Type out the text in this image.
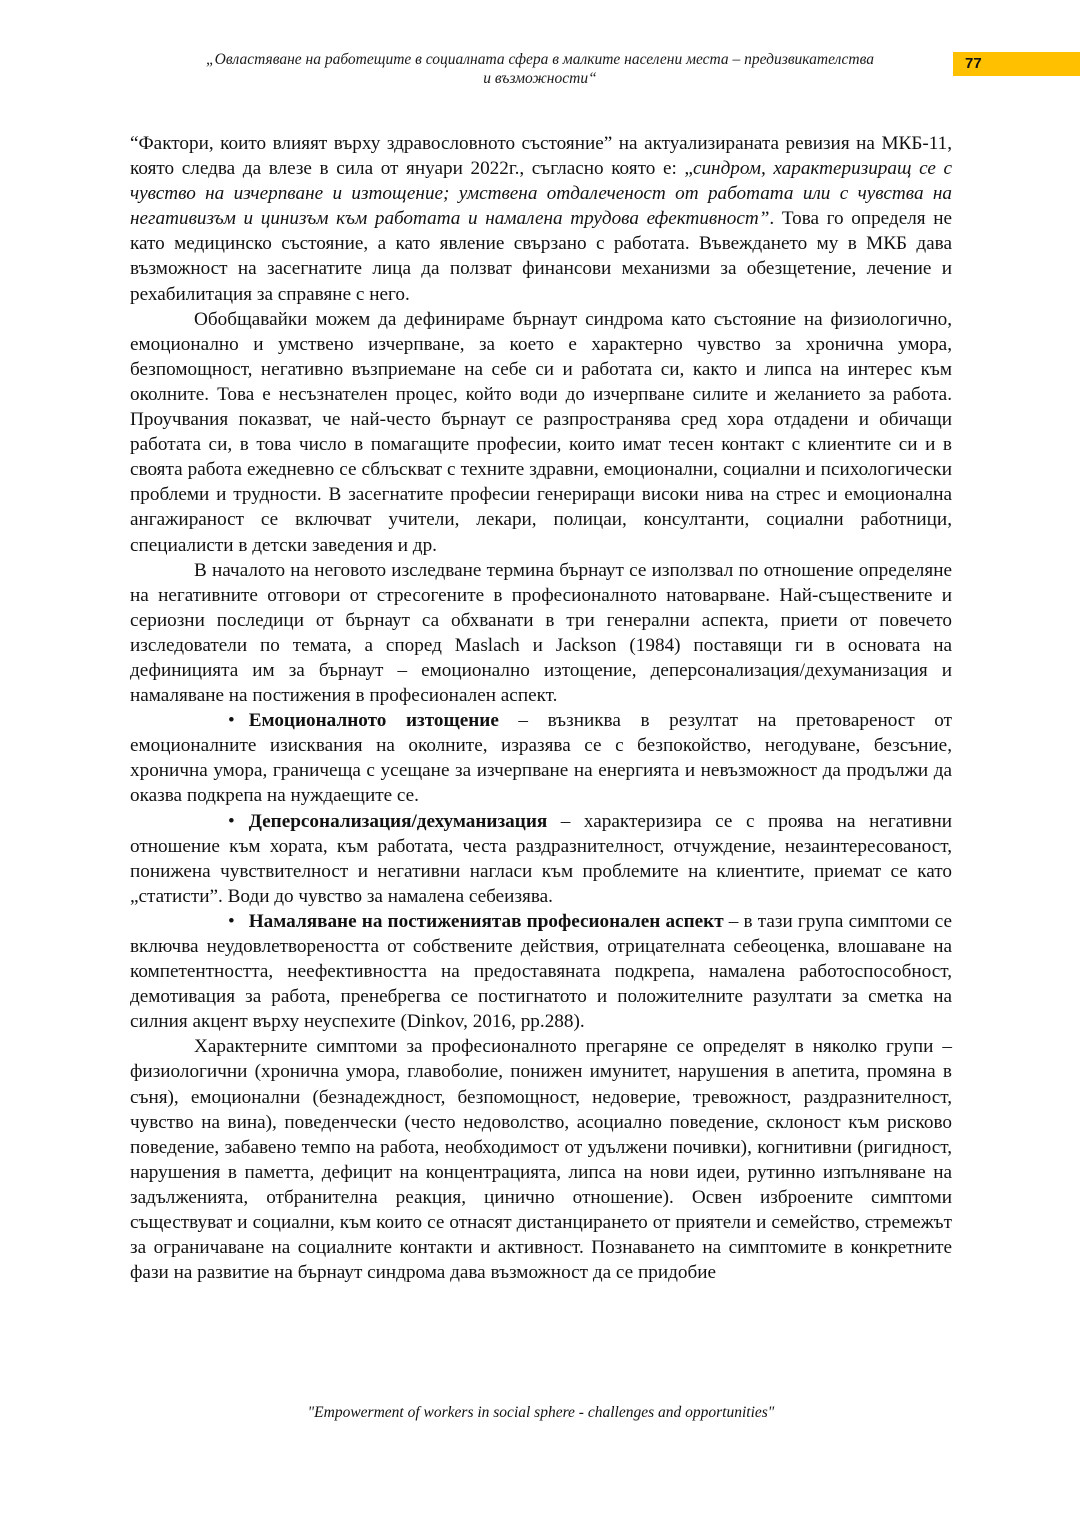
„Овластяване на работещите в социалната сфера в малките населени места – предизвикателства
и възможности“
77

“Фактори, които влияят върху здравословното състояние” на актуализираната ревизия на МКБ-11, която следва да влезе в сила от януари 2022г., съгласно която е: „синдром, характеризиращ се с чувство на изчерпване и изтощение; умствена отдалеченост от работата или с чувства на негативизъм и цинизъм към работата и намалена трудова ефективност”. Това го определя не като медицинско състояние, а като явление свързано с работата. Въвеждането му в МКБ дава възможност на засегнатите лица да ползват финансови механизми за обезщетение, лечение и рехабилитация за справяне с него.

Обобщавайки можем да дефинираме бърнаут синдрома като състояние на физиологично, емоционално и умствено изчерпване, за което е характерно чувство за хронична умора, безпомощност, негативно възприемане на себе си и работата си, както и липса на интерес към околните. Това е несъзнателен процес, който води до изчерпване силите и желанието за работа. Проучвания показват, че най-често бърнаут се разпространява сред хора отдадени и обичащи работата си, в това число в помагащите професии, които имат тесен контакт с клиентите си и в своята работа ежедневно се сблъскват с техните здравни, емоционални, социални и психологически проблеми и трудности. В засегнатите професии генериращи високи нива на стрес и емоционална ангажираност се включват учители, лекари, полицаи, консултанти, социални работници, специалисти в детски заведения и др.

В началото на неговото изследване термина бърнаут се използвал по отношение определяне на негативните отговори от стресогените в професионалното натоварване. Най-съществените и сериозни последици от бърнаут са обхванати в три генерални аспекта, приети от повечето изследователи по темата, а според Maslach и Jackson (1984) поставящи ги в основата на дефиницията им за бърнаут – емоционално изтощение, деперсонализация/дехуманизация и намаляване на постижения в професионален аспект.

• Емоционалното изтощение – възниква в резултат на претовареност от емоционалните изисквания на околните, изразява се с безпокойство, негодуване, безсъние, хронична умора, граничеща с усещане за изчерпване на енергията и невъзможност да продължи да оказва подкрепа на нуждаещите се.

• Деперсонализация/дехуманизация – характеризира се с проява на негативни отношение към хората, към работата, честа раздразнителност, отчуждение, незаинтересованост, понижена чувствителност и негативни нагласи към проблемите на клиентите, приемат се като „статисти”. Води до чувство за намалена себеизява.

• Намаляване на постижениятав професионален аспект – в тази група симптоми се включва неудовлетвореността от собствените действия, отрицателната себеоценка, влошаване на компетентността, неефективността на предоставяната подкрепа, намалена работоспособност, демотивация за работа, пренебрегва се постигнатото и положителните разултати за сметка на силния акцент върху неуспехите (Dinkov, 2016, pp.288).

Характерните симптоми за професионалното прегаряне се определят в няколко групи – физиологични (хронична умора, главоболие, понижен имунитет, нарушения в апетита, промяна в съня), емоционални (безнадеждност, безпомощност, недоверие, тревожност, раздразнителност, чувство на вина), поведенчески (често недоволство, асоциално поведение, склоност към рисково поведение, забавено темпо на работа, необходимост от удължени почивки), когнитивни (ригидност, нарушения в паметта, дефицит на концентрацията, липса на нови идеи, рутинно изпълняване на задълженията, отбранителна реакция, цинично отношение). Освен изброените симптоми съществуват и социални, към които се отнасят дистанцирането от приятели и семейство, стремежът за ограничаване на социалните контакти и активност. Познаването на симптомите в конкретните фази на развитие на бърнаут синдрома дава възможност да се придобие

"Empowerment of workers in social sphere - challenges and opportunities"
